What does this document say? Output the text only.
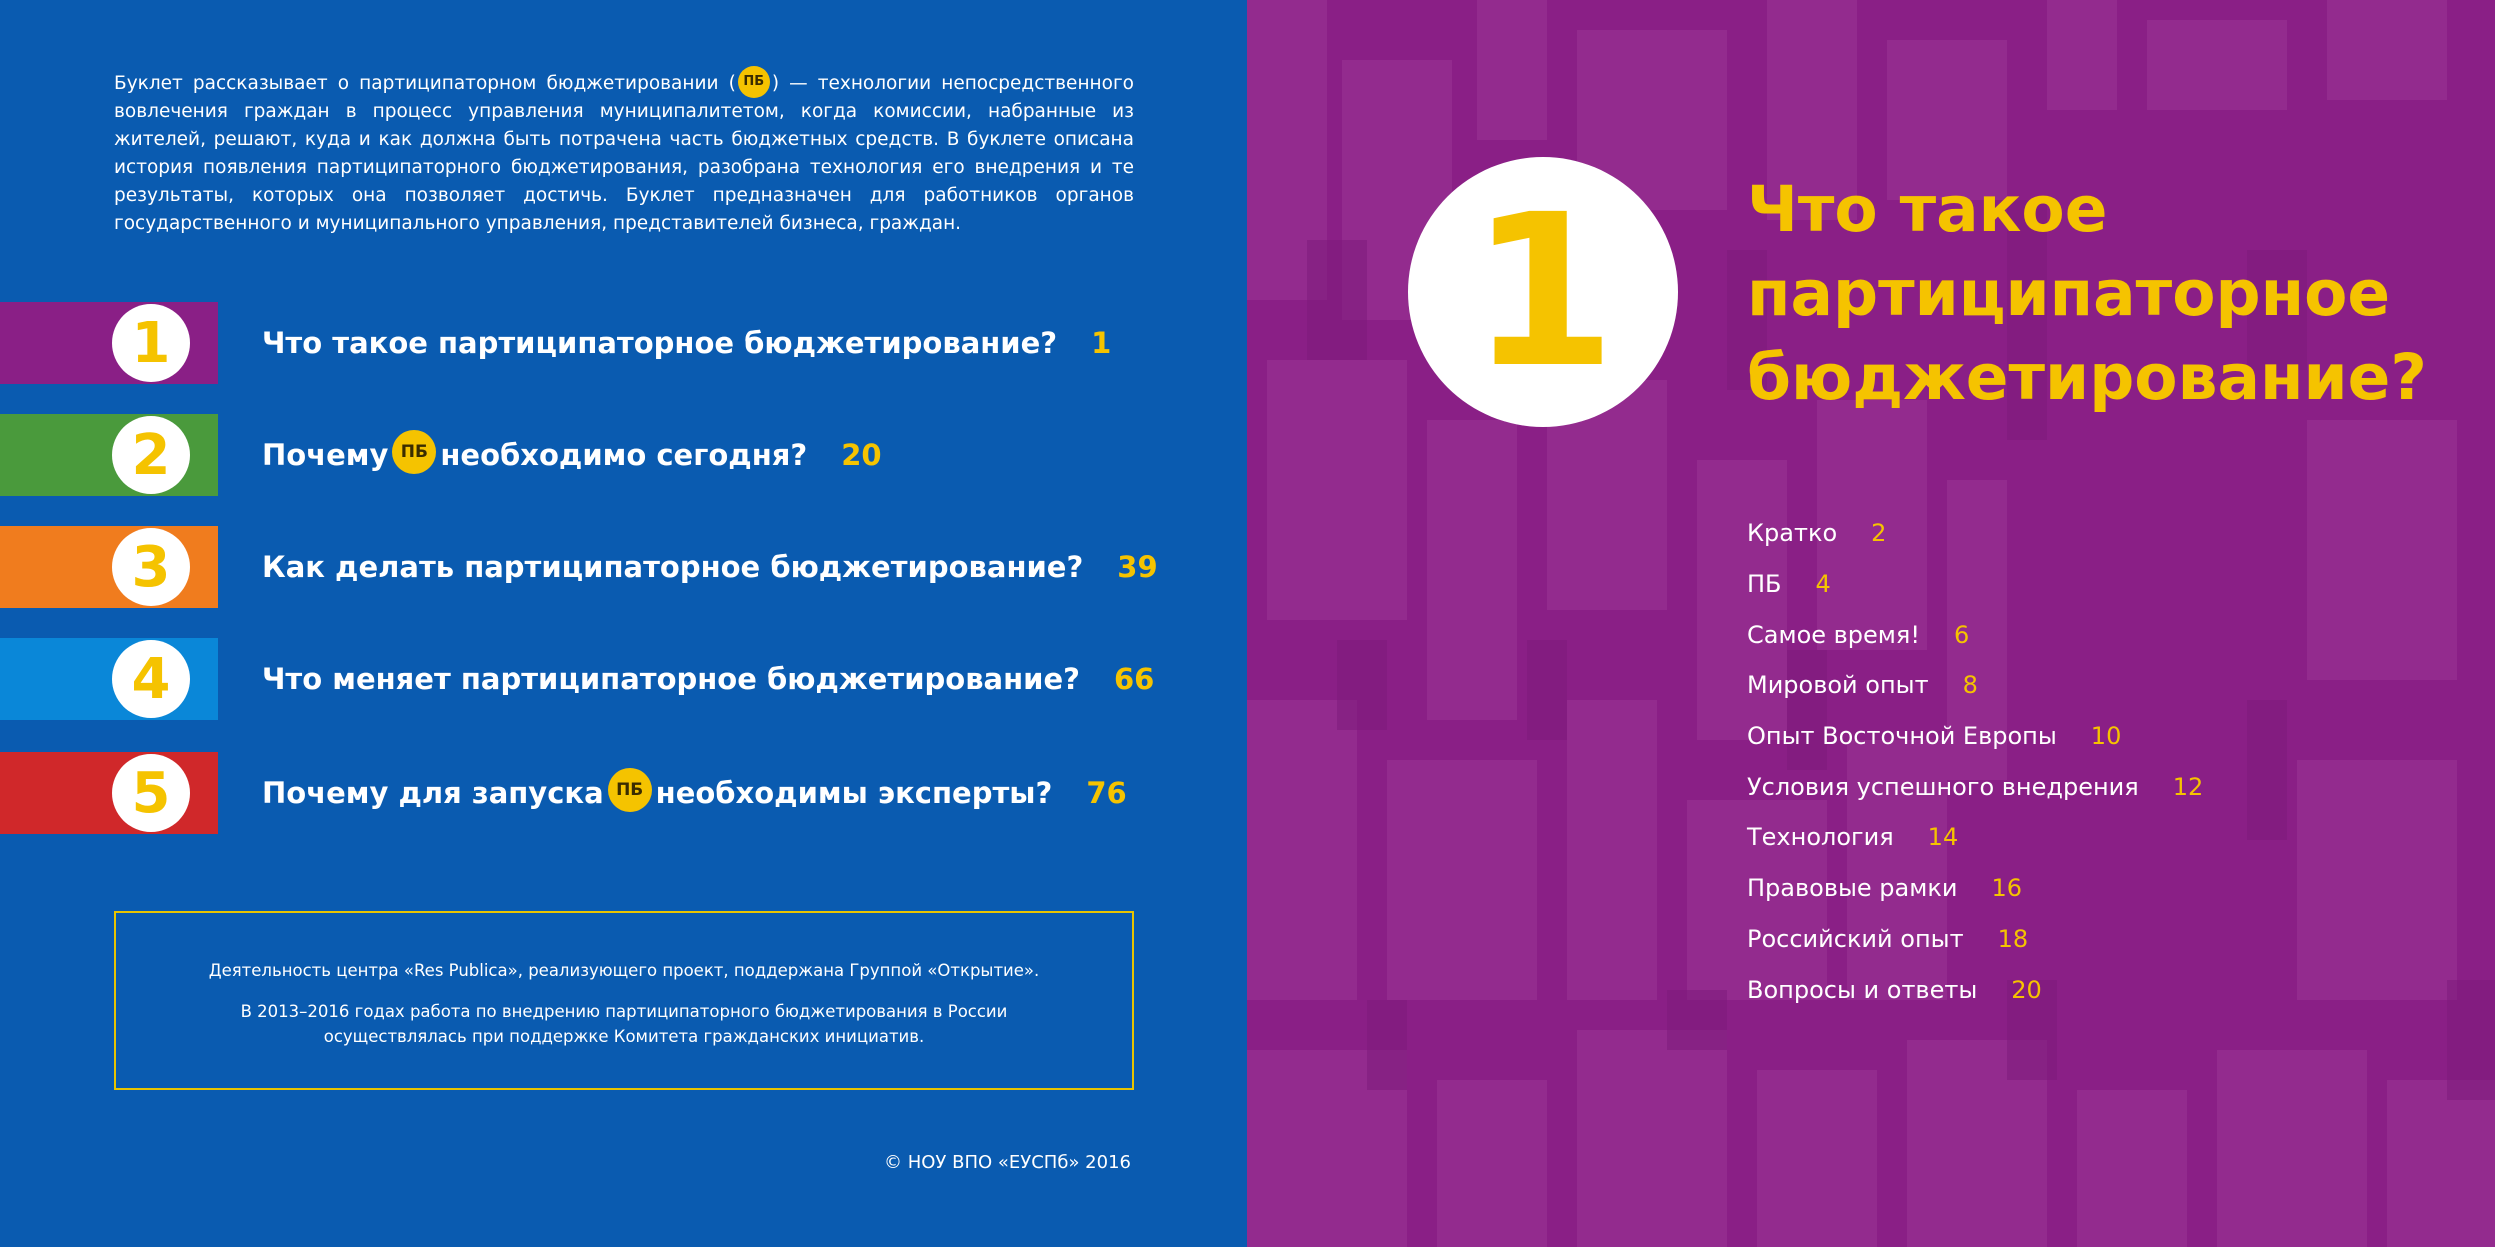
Буклет рассказывает о партиципаторном бюджетировании ( ПБ ) — технологии непосредственного вовлечения граждан в процесс управления муниципалитетом, когда комиссии, набранные из жителей, решают, куда и как должна быть потрачена часть бюджетных средств. В буклете описана история появления партиципаторного бюджетирования, разобрана технология его внедрения и те результаты, которых она позволяет достичь. Буклет предназначен для работников органов государственного и муниципального управления, представителей бизнеса, граждан.
1	Что такое партиципаторное бюджетирование? 1
2	Почему ПБ необходимо сегодня? 20
3	Как делать партиципаторное бюджетирование? 39
4	Что меняет партиципаторное бюджетирование? 66
5	Почему для запуска ПБ необходимы эксперты? 76

Деятельность центра «Res Publica», реализующего проект, поддержана Группой «Открытие».

В 2013–2016 годах работа по внедрению партиципаторного бюджетирования в России осуществлялась при поддержке Комитета гражданских инициатив.

© НОУ ВПО «ЕУСПб» 2016
1	Что такое
партиципаторное
бюджетирование?
Кратко 2
ПБ 4
Самое время! 6
Мировой опыт 8
Опыт Восточной Европы 10
Условия успешного внедрения 12
Технология 14
Правовые рамки 16
Российский опыт 18
Вопросы и ответы 20
